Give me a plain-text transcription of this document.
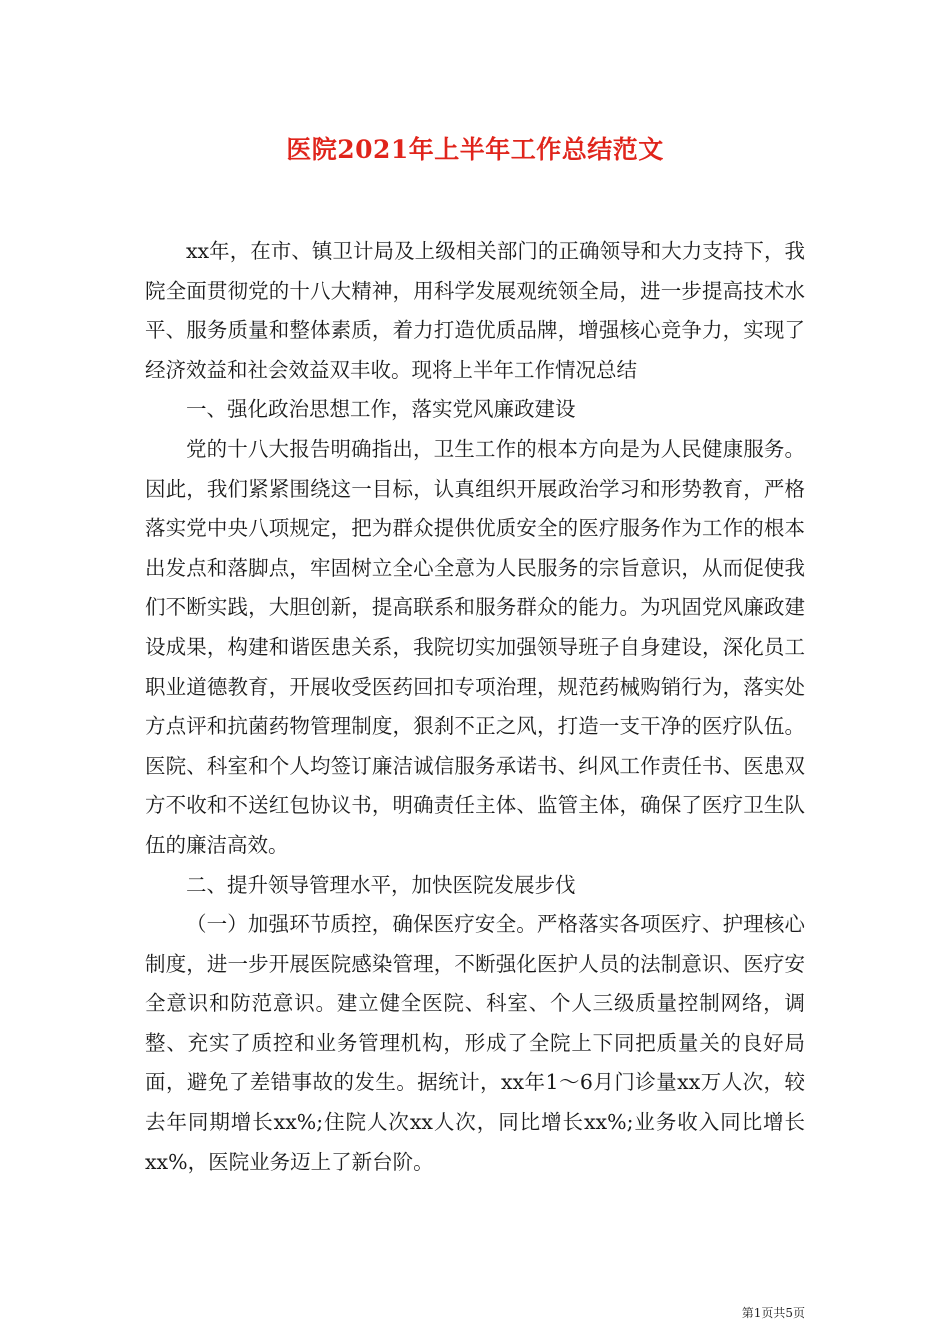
医院2021年上半年工作总结范文

xx年，在市、镇卫计局及上级相关部门的正确领导和大力支持下，我院全面贯彻党的十八大精神，用科学发展观统领全局，进一步提高技术水平、服务质量和整体素质，着力打造优质品牌，增强核心竞争力，实现了经济效益和社会效益双丰收。现将上半年工作情况总结

一、强化政治思想工作，落实党风廉政建设

党的十八大报告明确指出，卫生工作的根本方向是为人民健康服务。因此，我们紧紧围绕这一目标，认真组织开展政治学习和形势教育，严格落实党中央八项规定，把为群众提供优质安全的医疗服务作为工作的根本出发点和落脚点，牢固树立全心全意为人民服务的宗旨意识，从而促使我们不断实践，大胆创新，提高联系和服务群众的能力。为巩固党风廉政建设成果，构建和谐医患关系，我院切实加强领导班子自身建设，深化员工职业道德教育，开展收受医药回扣专项治理，规范药械购销行为，落实处方点评和抗菌药物管理制度，狠刹不正之风，打造一支干净的医疗队伍。医院、科室和个人均签订廉洁诚信服务承诺书、纠风工作责任书、医患双方不收和不送红包协议书，明确责任主体、监管主体，确保了医疗卫生队伍的廉洁高效。

二、提升领导管理水平，加快医院发展步伐

（一）加强环节质控，确保医疗安全。严格落实各项医疗、护理核心制度，进一步开展医院感染管理，不断强化医护人员的法制意识、医疗安全意识和防范意识。建立健全医院、科室、个人三级质量控制网络，调整、充实了质控和业务管理机构，形成了全院上下同把质量关的良好局面，避免了差错事故的发生。据统计，xx年1～6月门诊量xx万人次，较去年同期增长xx%;住院人次xx人次，同比增长xx%;业务收入同比增长xx%，医院业务迈上了新台阶。

第1页共5页
